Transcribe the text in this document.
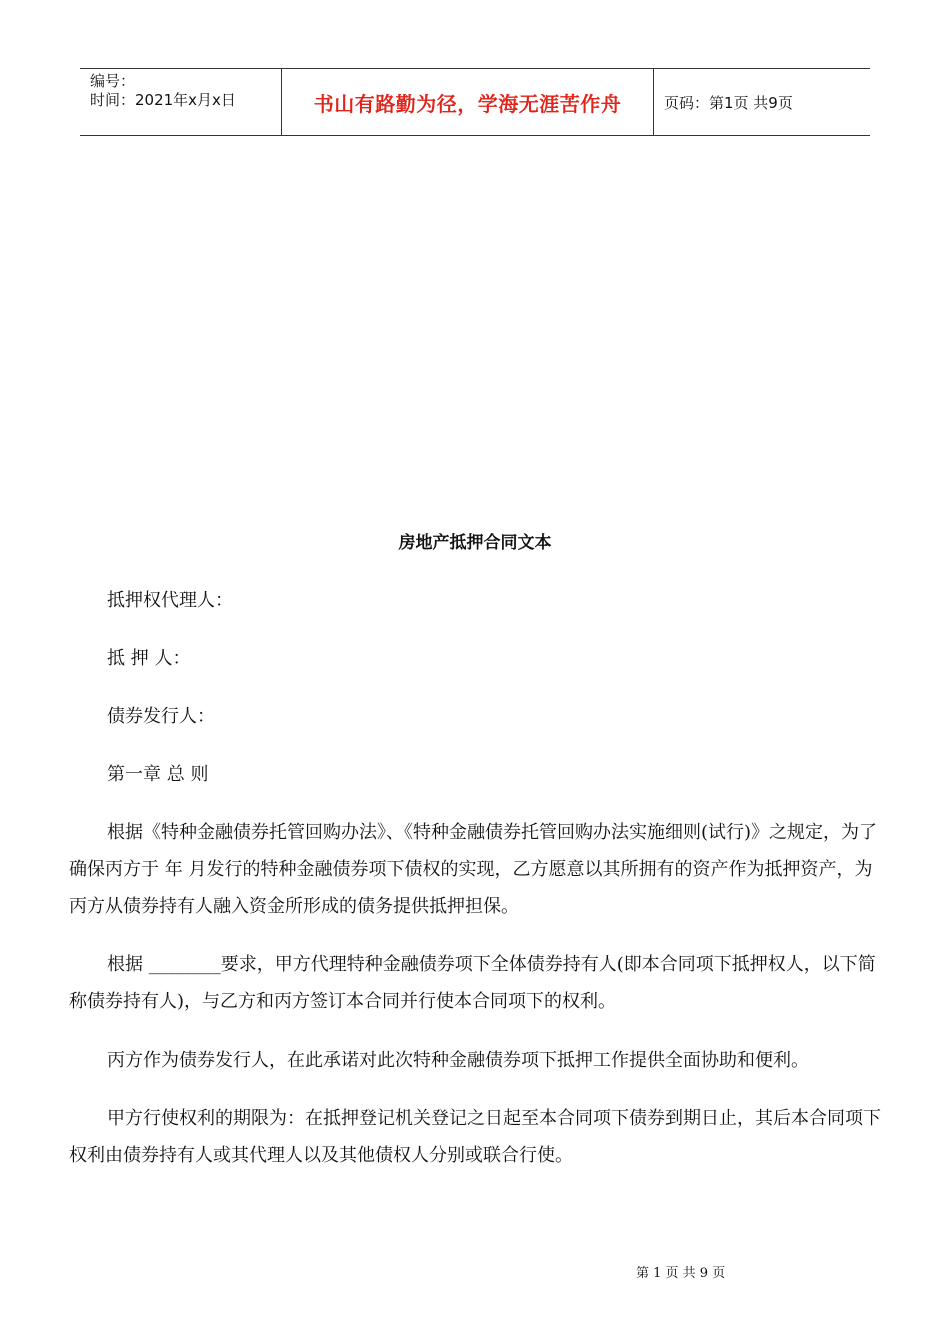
编号：
时间：2021年x月x日	书山有路勤为径，学海无涯苦作舟	页码：第1页 共9页
房地产抵押合同文本

抵押权代理人：

抵 押 人：

债券发行人：

第一章 总 则

根据《特种金融债券托管回购办法》、《特种金融债券托管回购办法实施细则(试行)》之规定，为了确保丙方于 年 月发行的特种金融债券项下债权的实现，乙方愿意以其所拥有的资产作为抵押资产，为丙方从债券持有人融入资金所形成的债务提供抵押担保。

根据 ________要求，甲方代理特种金融债券项下全体债券持有人(即本合同项下抵押权人，以下简称债券持有人)，与乙方和丙方签订本合同并行使本合同项下的权利。

丙方作为债券发行人，在此承诺对此次特种金融债券项下抵押工作提供全面协助和便利。

甲方行使权利的期限为：在抵押登记机关登记之日起至本合同项下债券到期日止，其后本合同项下权利由债券持有人或其代理人以及其他债权人分别或联合行使。

第 1 页 共 9 页
